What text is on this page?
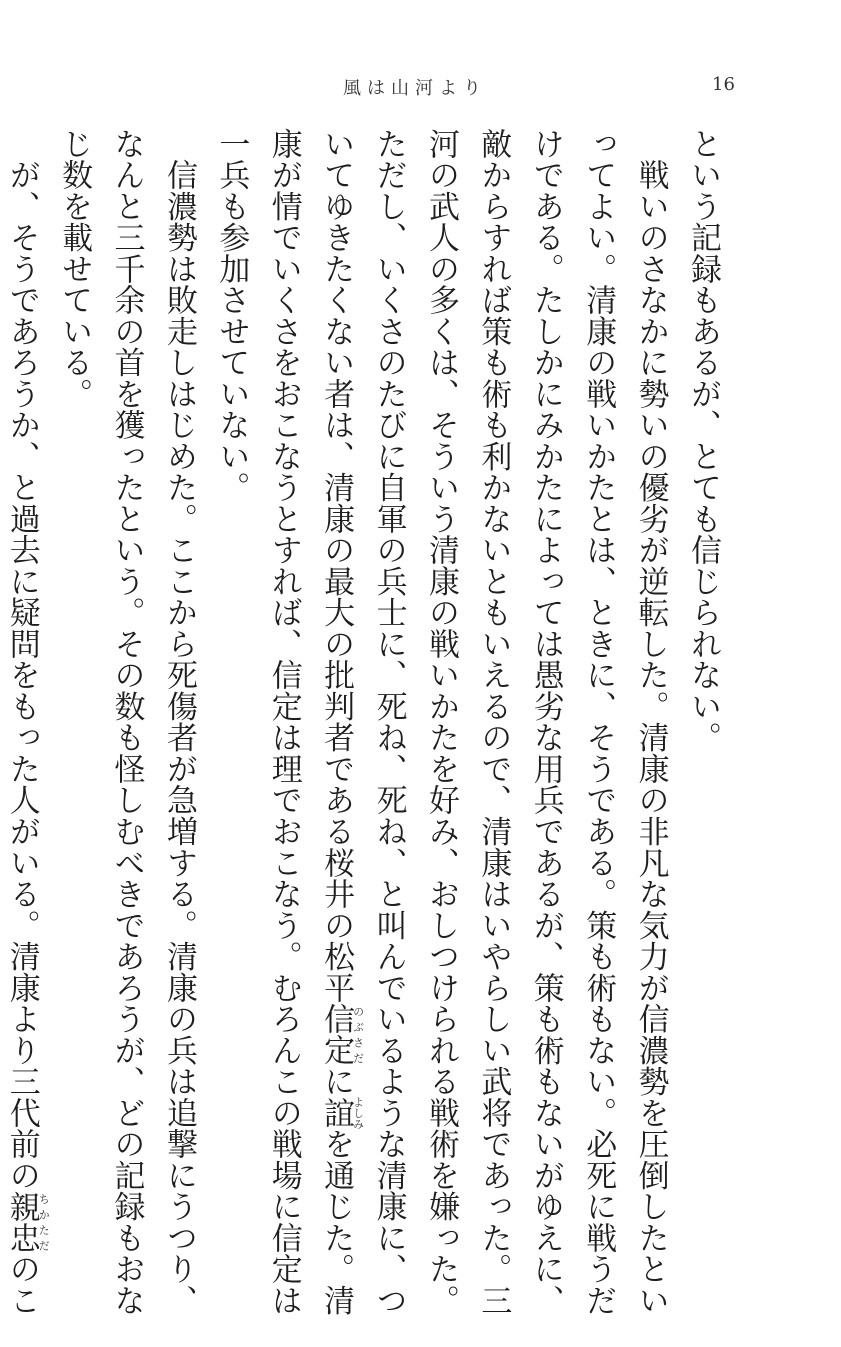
風は山河より	16
という記録もあるが、とても信じられない。
　戦いのさなかに勢いの優劣が逆転した。清康の非凡な気力が信濃勢を圧倒したとい
ってよい。清康の戦いかたとは、ときに、そうである。策も術もない。必死に戦うだ
けである。たしかにみかたによっては愚劣な用兵であるが、策も術もないがゆえに、
敵からすれば策も術も利かないともいえるので、清康はいやらしい武将であった。三
河の武人の多くは、そういう清康の戦いかたを好み、おしつけられる戦術を嫌った。
ただし、いくさのたびに自軍の兵士に、死ね、死ね、と叫んでいるような清康に、つ
いてゆきたくない者は、清康の最大の批判者である桜井の松平信定のぶさだに誼よしみを通じた。清
康が情でいくさをおこなうとすれば、信定は理でおこなう。むろんこの戦場に信定は
一兵も参加させていない。
　信濃勢は敗走しはじめた。ここから死傷者が急増する。清康の兵は追撃にうつり、
なんと三千余の首を獲ったという。その数も怪しむべきであろうが、どの記録もおな
じ数を載せている。
　が、そうであろうか、と過去に疑問をもった人がいる。清康より三代前の親忠ちかただのこ
